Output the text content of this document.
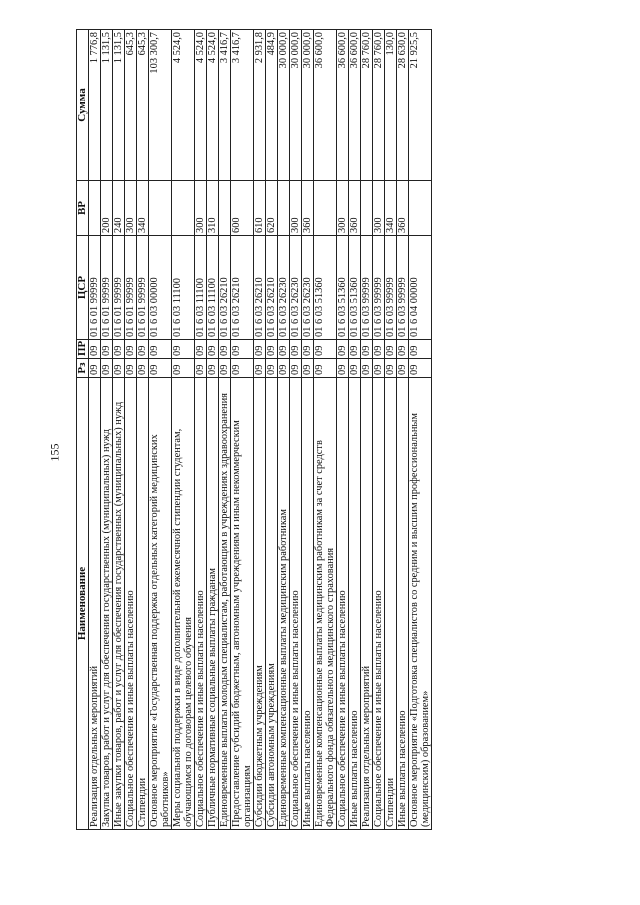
155
Наименование	Рз	ПР	ЦСР	ВР	Сумма
Реализация отдельных мероприятий	09	09	01 6 01 99999		1 776,8
Закупка товаров, работ и услуг для обеспечения государственных (муниципальных) нужд	09	09	01 6 01 99999	200	1 131,5
Иные закупки товаров, работ и услуг для обеспечения государственных (муниципальных) нужд	09	09	01 6 01 99999	240	1 131,5
Социальное обеспечение и иные выплаты населению	09	09	01 6 01 99999	300	645,3
Стипендии	09	09	01 6 01 99999	340	645,3
Основное мероприятие «Государственная поддержка отдельных категорий медицинских работников»	09	09	01 6 03 00000		103 300,7
Меры социальной поддержки в виде дополнительной ежемесячной стипендии студентам, обучающимся по договорам целевого обучения	09	09	01 6 03 11100		4 524,0
Социальное обеспечение и иные выплаты населению	09	09	01 6 03 11100	300	4 524,0
Публичные нормативные социальные выплаты гражданам	09	09	01 6 03 11100	310	4 524,0
Единовременные выплаты молодым специалистам, работающим в учреждениях здравоохранения	09	09	01 6 03 26210		3 416,7
Предоставление субсидий бюджетным, автономным учреждениям и иным некоммерческим организациям	09	09	01 6 03 26210	600	3 416,7
Субсидии бюджетным учреждениям	09	09	01 6 03 26210	610	2 931,8
Субсидии автономным учреждениям	09	09	01 6 03 26210	620	484,9
Единовременные компенсационные выплаты медицинским работникам	09	09	01 6 03 26230		30 000,0
Социальное обеспечение и иные выплаты населению	09	09	01 6 03 26230	300	30 000,0
Иные выплаты населению	09	09	01 6 03 26230	360	30 000,0
Единовременные компенсационные выплаты медицинским работникам за счет средств Федерального фонда обязательного медицинского страхования	09	09	01 6 03 51360		36 600,0
Социальное обеспечение и иные выплаты населению	09	09	01 6 03 51360	300	36 600,0
Иные выплаты населению	09	09	01 6 03 51360	360	36 600,0
Реализация отдельных мероприятий	09	09	01 6 03 99999		28 760,0
Социальное обеспечение и иные выплаты населению	09	09	01 6 03 99999	300	28 760,0
Стипендии	09	09	01 6 03 99999	340	130,0
Иные выплаты населению	09	09	01 6 03 99999	360	28 630,0
Основное мероприятие «Подготовка специалистов со средним и высшим профессиональным (медицинским) образованием»	09	09	01 6 04 00000		21 925,5
